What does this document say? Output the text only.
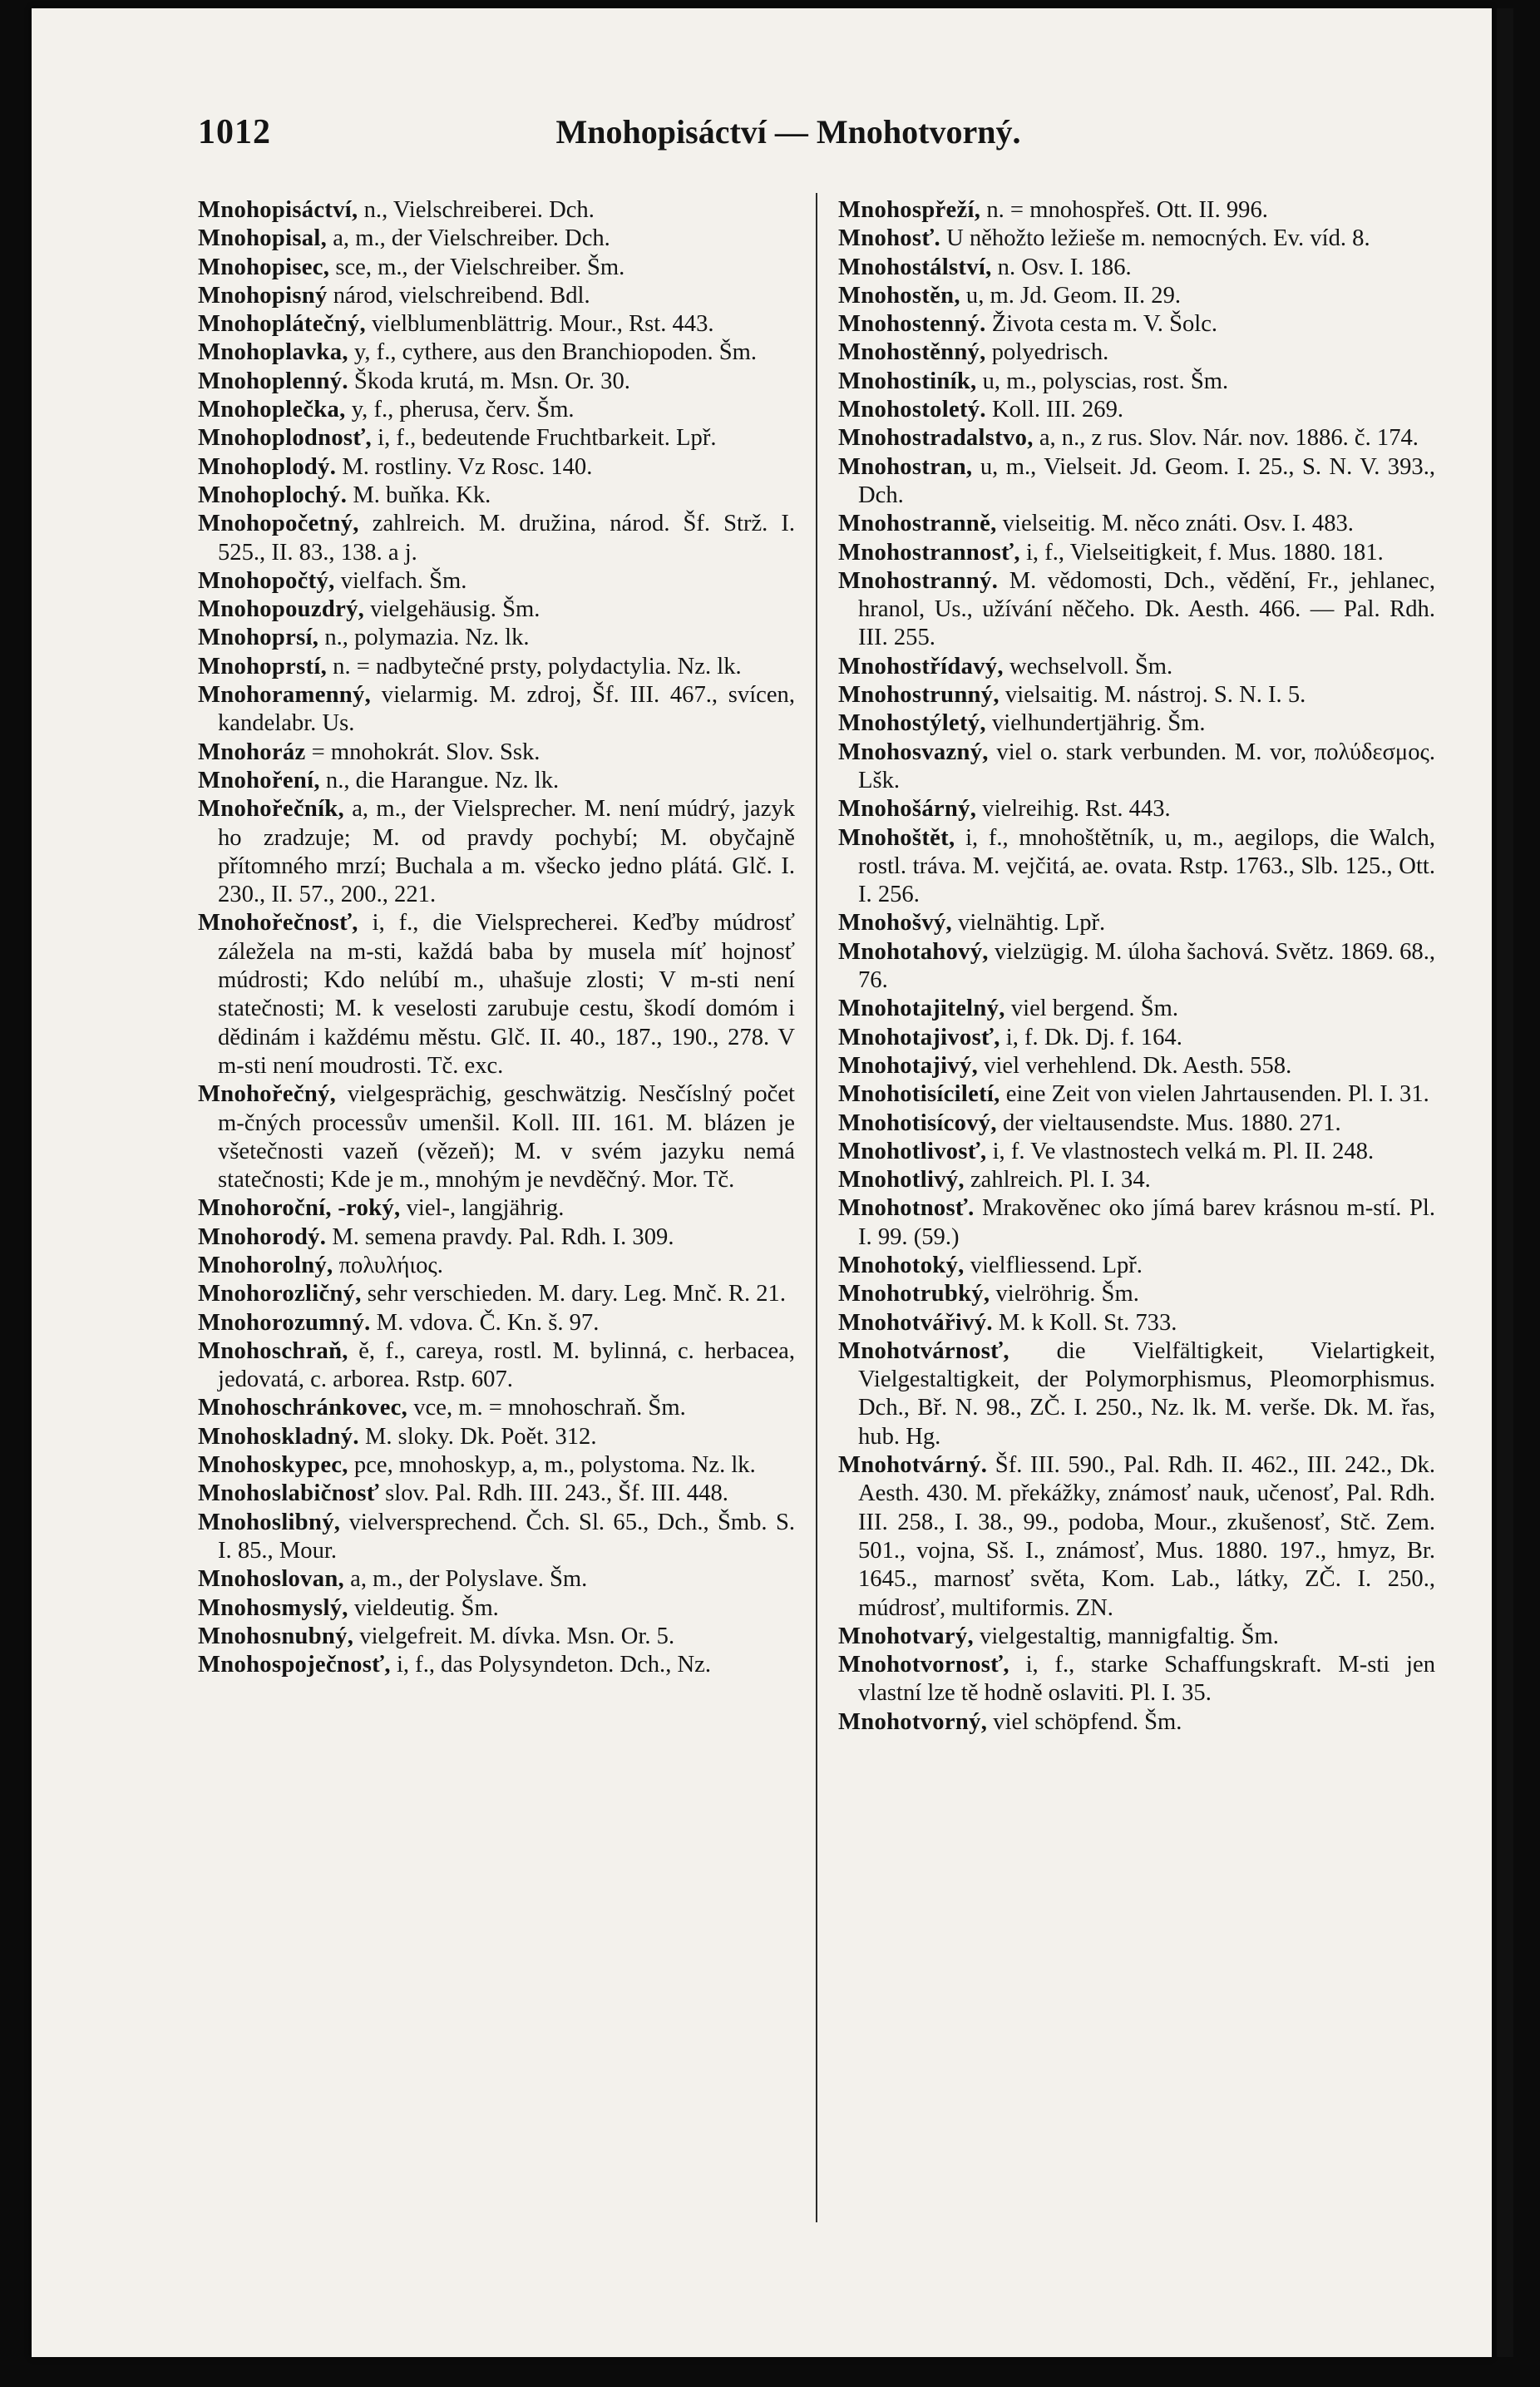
1012	Mnohopisáctví — Mnohotvorný.

Mnohopisáctví, n., Vielschreiberei. Dch.

Mnohopisal, a, m., der Vielschreiber. Dch.

Mnohopisec, sce, m., der Vielschreiber. Šm.

Mnohopisný národ, vielschreibend. Bdl.

Mnohoplátečný, vielblumenblättrig. Mour., Rst. 443.

Mnohoplavka, y, f., cythere, aus den Branchiopoden. Šm.

Mnohoplenný. Škoda krutá, m. Msn. Or. 30.

Mnohoplečka, y, f., pherusa, červ. Šm.

Mnohoplodnosť, i, f., bedeutende Fruchtbarkeit. Lpř.

Mnohoplodý. M. rostliny. Vz Rosc. 140.

Mnohoplochý. M. buňka. Kk.

Mnohopočetný, zahlreich. M. družina, národ. Šf. Strž. I. 525., II. 83., 138. a j.

Mnohopočtý, vielfach. Šm.

Mnohopouzdrý, vielgehäusig. Šm.

Mnohoprsí, n., polymazia. Nz. lk.

Mnohoprstí, n. = nadbytečné prsty, polydactylia. Nz. lk.

Mnohoramenný, vielarmig. M. zdroj, Šf. III. 467., svícen, kandelabr. Us.

Mnohoráz = mnohokrát. Slov. Ssk.

Mnohoření, n., die Harangue. Nz. lk.

Mnohořečník, a, m., der Vielsprecher. M. není múdrý, jazyk ho zradzuje; M. od pravdy pochybí; M. obyčajně přítomného mrzí; Buchala a m. všecko jedno plátá. Glč. I. 230., II. 57., 200., 221.

Mnohořečnosť, i, f., die Vielsprecherei. Keďby múdrosť záležela na m-sti, každá baba by musela míť hojnosť múdrosti; Kdo nelúbí m., uhašuje zlosti; V m-sti není statečnosti; M. k veselosti zarubuje cestu, škodí domóm i dědinám i každému městu. Glč. II. 40., 187., 190., 278. V m-sti není moudrosti. Tč. exc.

Mnohořečný, vielgesprächig, geschwätzig. Nesčíslný počet m-čných processův umenšil. Koll. III. 161. M. blázen je všetečnosti vazeň (vězeň); M. v svém jazyku nemá statečnosti; Kde je m., mnohým je nevděčný. Mor. Tč.

Mnohoroční, -roký, viel-, langjährig.

Mnohorodý. M. semena pravdy. Pal. Rdh. I. 309.

Mnohorolný, πολυλήιος.

Mnohorozličný, sehr verschieden. M. dary. Leg. Mnč. R. 21.

Mnohorozumný. M. vdova. Č. Kn. š. 97.

Mnohoschraň, ě, f., careya, rostl. M. bylinná, c. herbacea, jedovatá, c. arborea. Rstp. 607.

Mnohoschránkovec, vce, m. = mnohoschraň. Šm.

Mnohoskladný. M. sloky. Dk. Poět. 312.

Mnohoskypec, pce, mnohoskyp, a, m., polystoma. Nz. lk.

Mnohoslabičnosť slov. Pal. Rdh. III. 243., Šf. III. 448.

Mnohoslibný, vielversprechend. Čch. Sl. 65., Dch., Šmb. S. I. 85., Mour.

Mnohoslovan, a, m., der Polyslave. Šm.

Mnohosmyslý, vieldeutig. Šm.

Mnohosnubný, vielgefreit. M. dívka. Msn. Or. 5.

Mnohospoječnosť, i, f., das Polysyndeton. Dch., Nz.

Mnohospřeží, n. = mnohospřeš. Ott. II. 996.

Mnohosť. U něhožto ležieše m. nemocných. Ev. víd. 8.

Mnohostálství, n. Osv. I. 186.

Mnohostěn, u, m. Jd. Geom. II. 29.

Mnohostenný. Života cesta m. V. Šolc.

Mnohostěnný, polyedrisch.

Mnohostiník, u, m., polyscias, rost. Šm.

Mnohostoletý. Koll. III. 269.

Mnohostradalstvo, a, n., z rus. Slov. Nár. nov. 1886. č. 174.

Mnohostran, u, m., Vielseit. Jd. Geom. I. 25., S. N. V. 393., Dch.

Mnohostranně, vielseitig. M. něco znáti. Osv. I. 483.

Mnohostrannosť, i, f., Vielseitigkeit, f. Mus. 1880. 181.

Mnohostranný. M. vědomosti, Dch., vědění, Fr., jehlanec, hranol, Us., užívání něčeho. Dk. Aesth. 466. — Pal. Rdh. III. 255.

Mnohostřídavý, wechselvoll. Šm.

Mnohostrunný, vielsaitig. M. nástroj. S. N. I. 5.

Mnohostýletý, vielhundertjährig. Šm.

Mnohosvazný, viel o. stark verbunden. M. vor, πολύδεσμος. Lšk.

Mnohošárný, vielreihig. Rst. 443.

Mnohoštět, i, f., mnohoštětník, u, m., aegilops, die Walch, rostl. tráva. M. vejčitá, ae. ovata. Rstp. 1763., Slb. 125., Ott. I. 256.

Mnohošvý, vielnähtig. Lpř.

Mnohotahový, vielzügig. M. úloha šachová. Světz. 1869. 68., 76.

Mnohotajitelný, viel bergend. Šm.

Mnohotajivosť, i, f. Dk. Dj. f. 164.

Mnohotajivý, viel verhehlend. Dk. Aesth. 558.

Mnohotisíciletí, eine Zeit von vielen Jahrtausenden. Pl. I. 31.

Mnohotisícový, der vieltausendste. Mus. 1880. 271.

Mnohotlivosť, i, f. Ve vlastnostech velká m. Pl. II. 248.

Mnohotlivý, zahlreich. Pl. I. 34.

Mnohotnosť. Mrakověnec oko jímá barev krásnou m-stí. Pl. I. 99. (59.)

Mnohotoký, vielfliessend. Lpř.

Mnohotrubký, vielröhrig. Šm.

Mnohotvářivý. M. k Koll. St. 733.

Mnohotvárnosť, die Vielfältigkeit, Vielartigkeit, Vielgestaltigkeit, der Polymorphismus, Pleomorphismus. Dch., Bř. N. 98., ZČ. I. 250., Nz. lk. M. verše. Dk. M. řas, hub. Hg.

Mnohotvárný. Šf. III. 590., Pal. Rdh. II. 462., III. 242., Dk. Aesth. 430. M. překážky, známosť nauk, učenosť, Pal. Rdh. III. 258., I. 38., 99., podoba, Mour., zkušenosť, Stč. Zem. 501., vojna, Sš. I., známosť, Mus. 1880. 197., hmyz, Br. 1645., marnosť světa, Kom. Lab., látky, ZČ. I. 250., múdrosť, multiformis. ZN.

Mnohotvarý, vielgestaltig, mannigfaltig. Šm.

Mnohotvornosť, i, f., starke Schaffungskraft. M-sti jen vlastní lze tě hodně oslaviti. Pl. I. 35.

Mnohotvorný, viel schöpfend. Šm.
